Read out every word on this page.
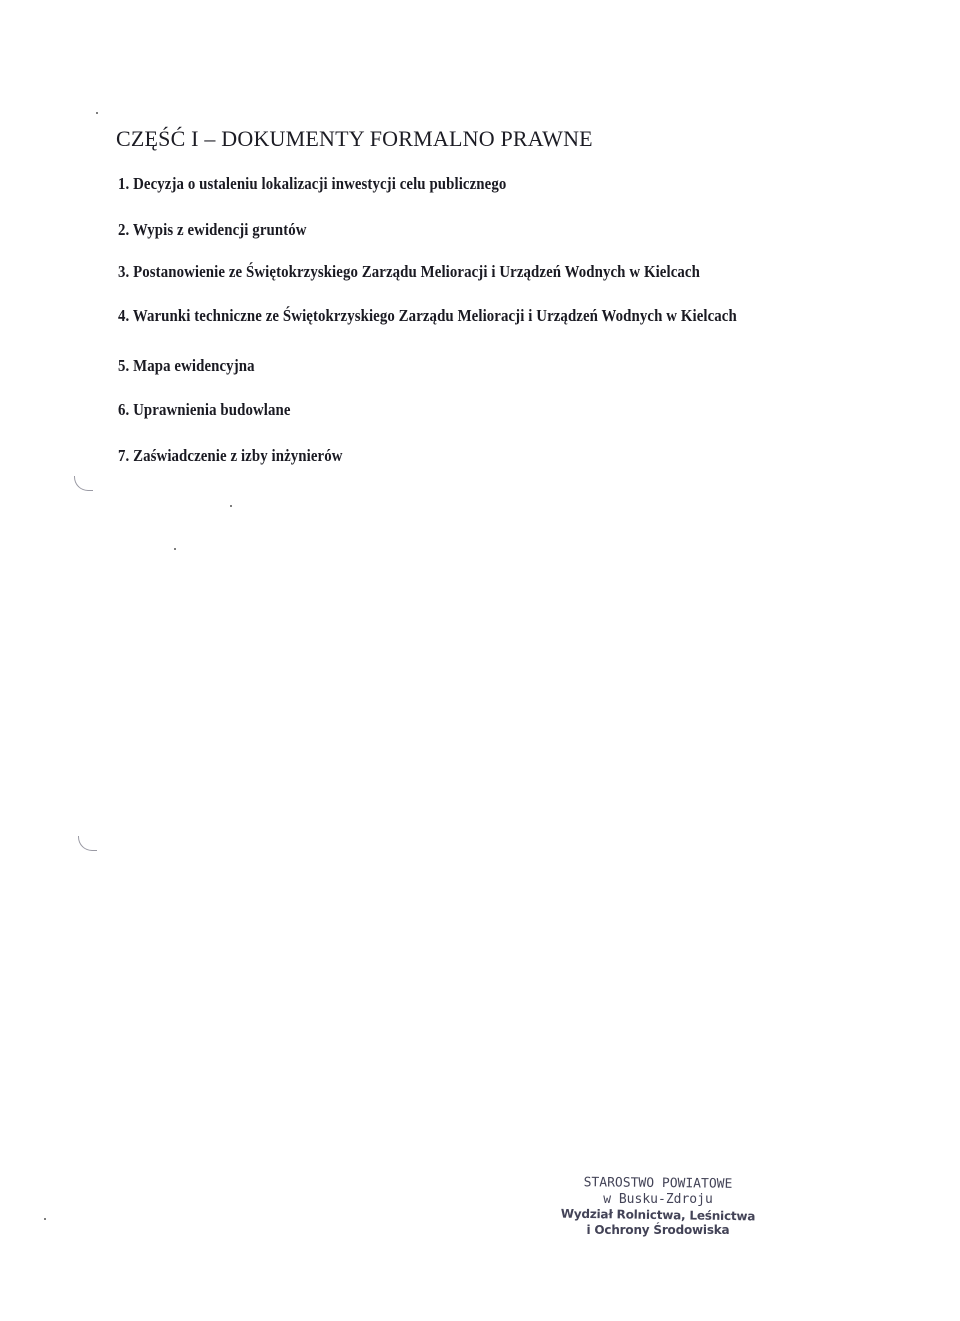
CZĘŚĆ I – DOKUMENTY FORMALNO PRAWNE
1. Decyzja o ustaleniu lokalizacji inwestycji celu publicznego
2. Wypis z ewidencji gruntów
3. Postanowienie ze Świętokrzyskiego Zarządu Melioracji i Urządzeń Wodnych w Kielcach
4. Warunki techniczne ze Świętokrzyskiego Zarządu Melioracji i Urządzeń Wodnych w Kielcach
5. Mapa ewidencyjna
6. Uprawnienia budowlane
7. Zaświadczenie z izby inżynierów
STAROSTWO POWIATOWE
w Busku-Zdroju
Wydział Rolnictwa, Leśnictwa
i Ochrony Środowiska
